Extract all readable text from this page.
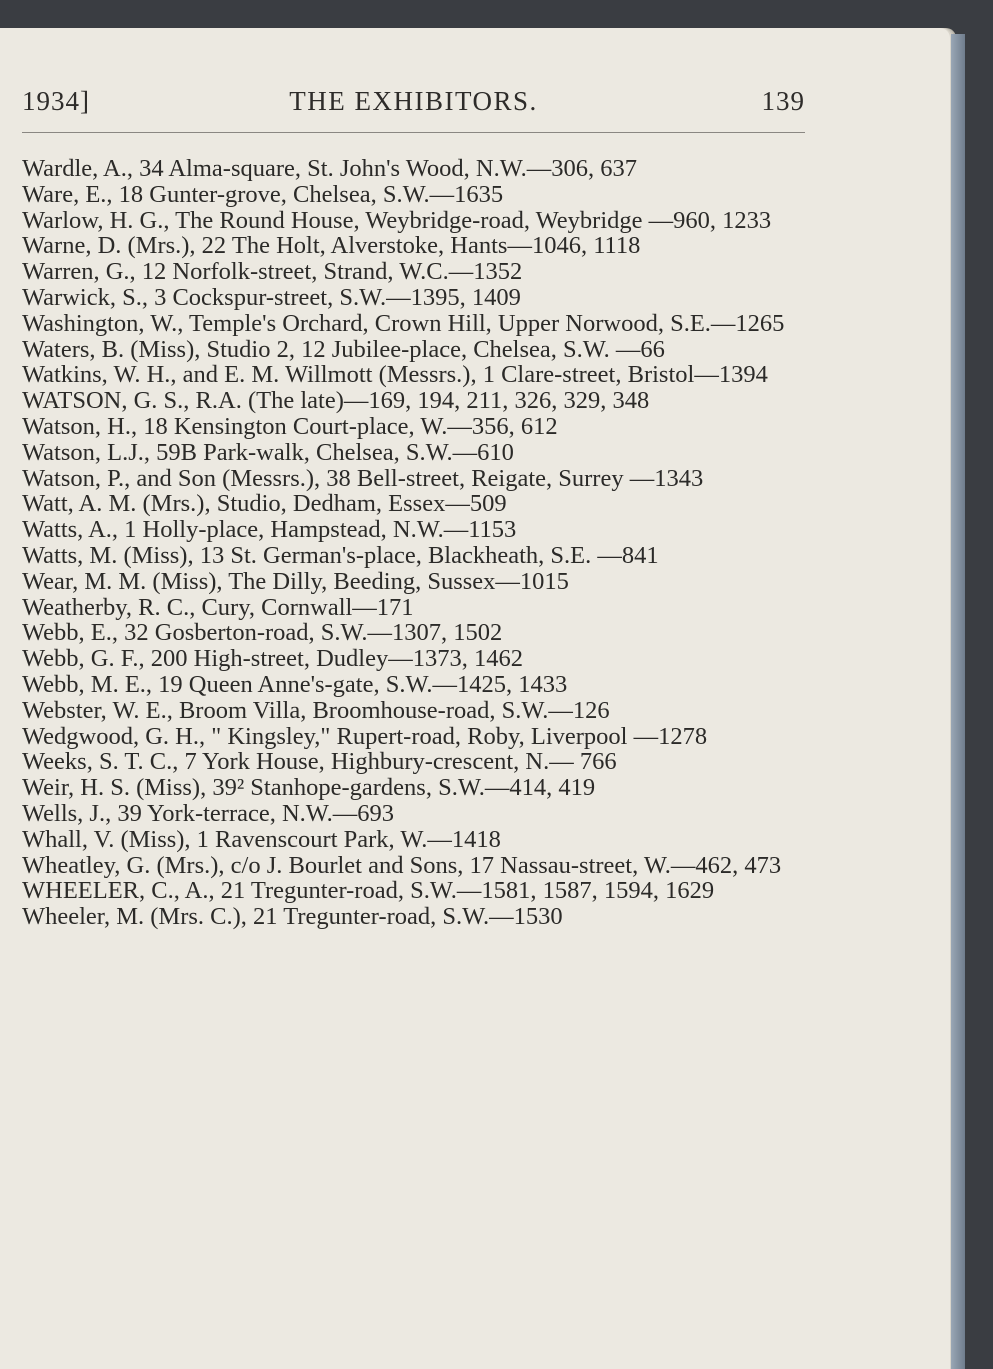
1934]	THE EXHIBITORS.	139
Wardle, A., 34 Alma-square, St. John's Wood, N.W.—306, 637
Ware, E., 18 Gunter-grove, Chelsea, S.W.—1635
Warlow, H. G., The Round House, Weybridge-road, Weybridge —960, 1233
Warne, D. (Mrs.), 22 The Holt, Alverstoke, Hants—1046, 1118
Warren, G., 12 Norfolk-street, Strand, W.C.—1352
Warwick, S., 3 Cockspur-street, S.W.—1395, 1409
Washington, W., Temple's Orchard, Crown Hill, Upper Norwood, S.E.—1265
Waters, B. (Miss), Studio 2, 12 Jubilee-place, Chelsea, S.W. —66
Watkins, W. H., and E. M. Willmott (Messrs.), 1 Clare-street, Bristol—1394
WATSON, G. S., R.A. (The late)—169, 194, 211, 326, 329, 348
Watson, H., 18 Kensington Court-place, W.—356, 612
Watson, L.J., 59B Park-walk, Chelsea, S.W.—610
Watson, P., and Son (Messrs.), 38 Bell-street, Reigate, Surrey —1343
Watt, A. M. (Mrs.), Studio, Dedham, Essex—509
Watts, A., 1 Holly-place, Hampstead, N.W.—1153
Watts, M. (Miss), 13 St. German's-place, Blackheath, S.E. —841
Wear, M. M. (Miss), The Dilly, Beeding, Sussex—1015
Weatherby, R. C., Cury, Cornwall—171
Webb, E., 32 Gosberton-road, S.W.—1307, 1502
Webb, G. F., 200 High-street, Dudley—1373, 1462
Webb, M. E., 19 Queen Anne's-gate, S.W.—1425, 1433
Webster, W. E., Broom Villa, Broomhouse-road, S.W.—126
Wedgwood, G. H., " Kingsley," Rupert-road, Roby, Liverpool —1278
Weeks, S. T. C., 7 York House, Highbury-crescent, N.— 766
Weir, H. S. (Miss), 39² Stanhope-gardens, S.W.—414, 419
Wells, J., 39 York-terrace, N.W.—693
Whall, V. (Miss), 1 Ravenscourt Park, W.—1418
Wheatley, G. (Mrs.), c/o J. Bourlet and Sons, 17 Nassau-street, W.—462, 473
WHEELER, C., A., 21 Tregunter-road, S.W.—1581, 1587, 1594, 1629
Wheeler, M. (Mrs. C.), 21 Tregunter-road, S.W.—1530
